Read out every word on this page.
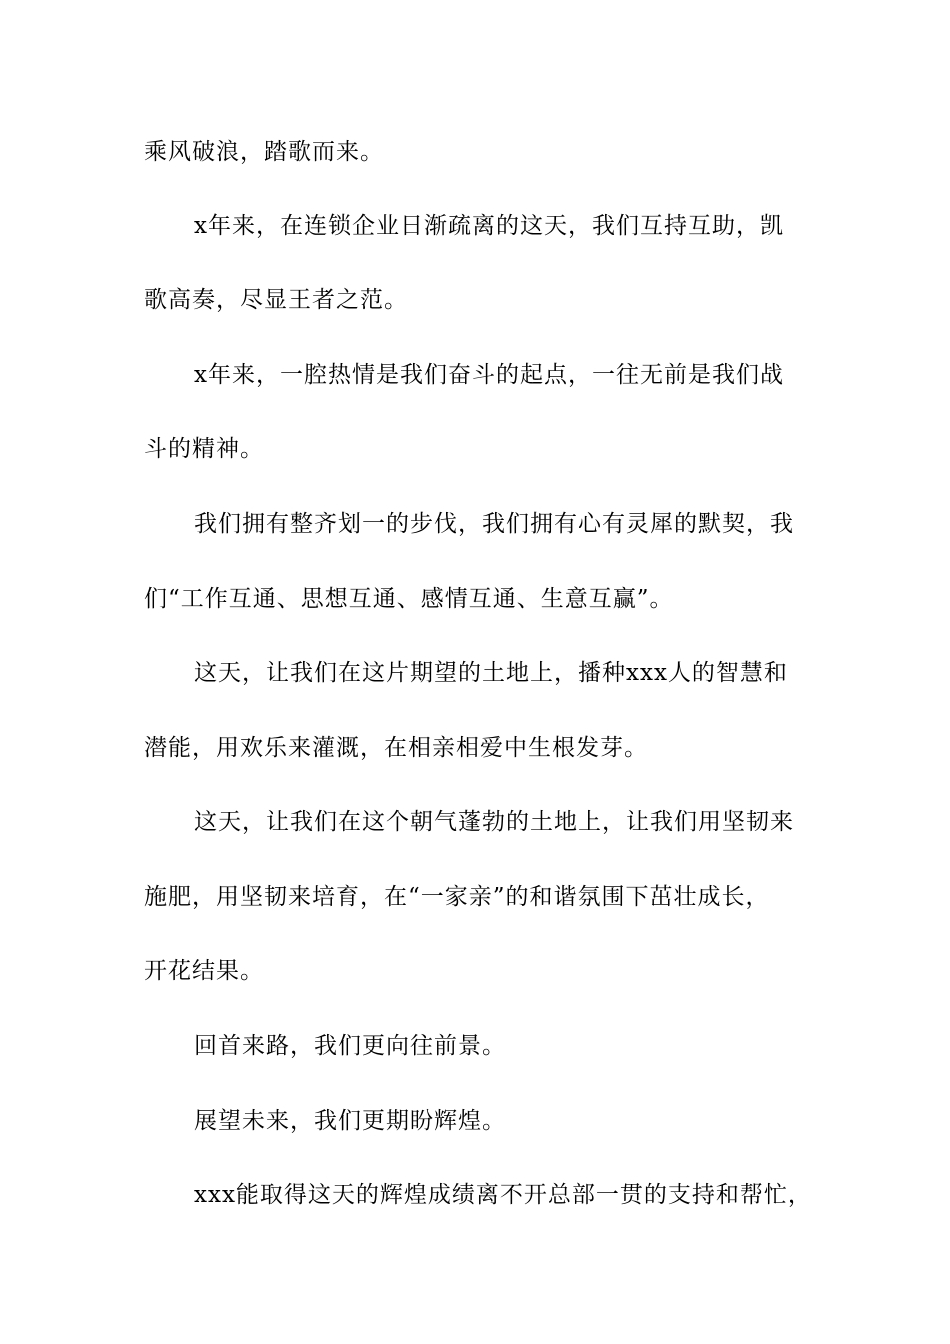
乘风破浪，踏歌而来。
x年来，在连锁企业日渐疏离的这天，我们互持互助，凯
歌高奏，尽显王者之范。
x年来，一腔热情是我们奋斗的起点，一往无前是我们战
斗的精神。
我们拥有整齐划一的步伐，我们拥有心有灵犀的默契，我
们“工作互通、思想互通、感情互通、生意互赢”。
这天，让我们在这片期望的土地上，播种xxx人的智慧和
潜能，用欢乐来灌溉，在相亲相爱中生根发芽。
这天，让我们在这个朝气蓬勃的土地上，让我们用坚韧来
施肥，用坚韧来培育，在“一家亲”的和谐氛围下茁壮成长，
开花结果。
回首来路，我们更向往前景。
展望未来，我们更期盼辉煌。
xxx能取得这天的辉煌成绩离不开总部一贯的支持和帮忙，
